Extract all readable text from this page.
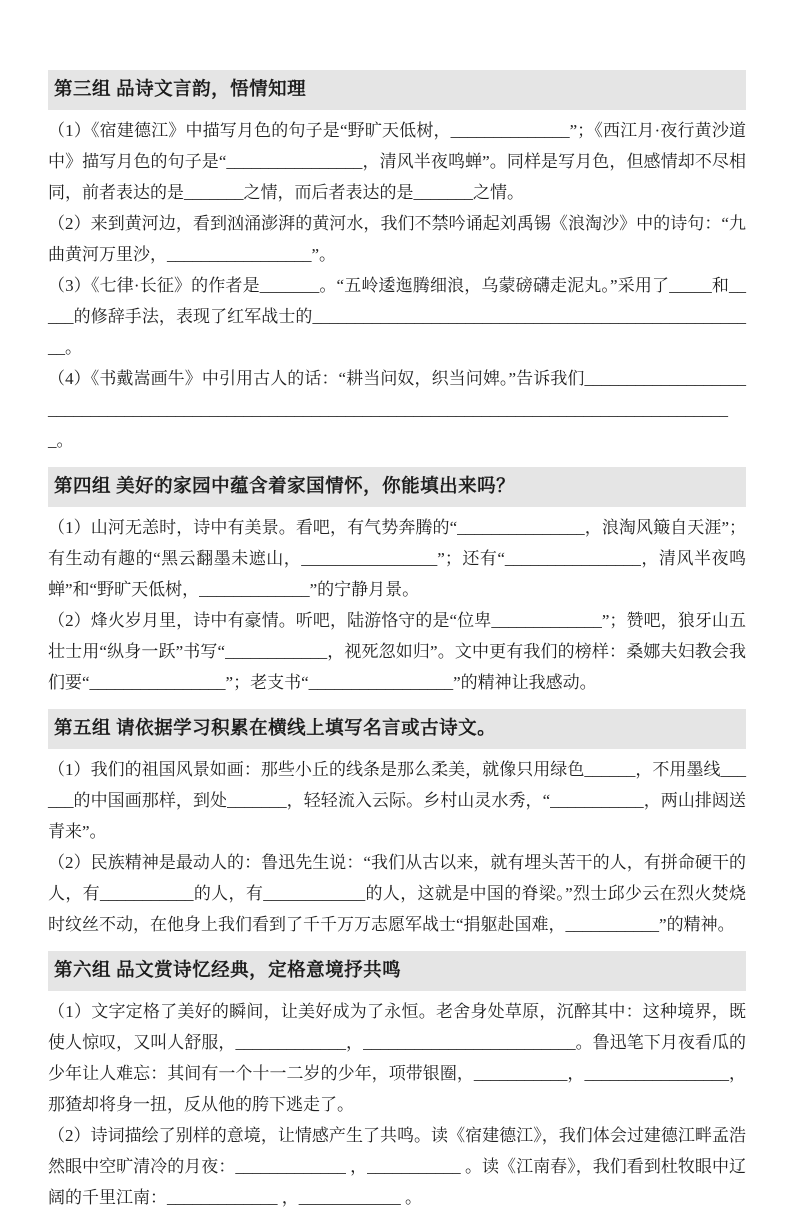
第三组 品诗文言韵，悟情知理

（1）《宿建德江》中描写月色的句子是“野旷天低树，______________”；《西江月·夜行黄沙道中》描写月色的句子是“________________，清风半夜鸣蝉”。同样是写月色，但感情却不尽相同，前者表达的是_______之情，而后者表达的是_______之情。

（2）来到黄河边，看到汹涌澎湃的黄河水，我们不禁吟诵起刘禹锡《浪淘沙》中的诗句：“九曲黄河万里沙，_________________”。

（3）《七律·长征》的作者是_______。“五岭逶迤腾细浪，乌蒙磅礴走泥丸。”采用了_____和_____的修辞手法，表现了红军战士的_____________________________________________________。

（4）《书戴嵩画牛》中引用古人的话：“耕当问奴，织当问婢。”告诉我们____________________________________________________________________________________________________。

第四组 美好的家园中蕴含着家国情怀，你能填出来吗？

（1）山河无恙时，诗中有美景。看吧，有气势奔腾的“_______________，浪淘风簸自天涯”；有生动有趣的“黑云翻墨未遮山，________________”；还有“________________，清风半夜鸣蝉”和“野旷天低树，_____________”的宁静月景。

（2）烽火岁月里，诗中有豪情。听吧，陆游恪守的是“位卑_____________”；赞吧，狼牙山五壮士用“纵身一跃”书写“____________，视死忽如归”。文中更有我们的榜样：桑娜夫妇教会我们要“________________”；老支书“_________________”的精神让我感动。

第五组 请依据学习积累在横线上填写名言或古诗文。

（1）我们的祖国风景如画：那些小丘的线条是那么柔美，就像只用绿色______，不用墨线______的中国画那样，到处_______，轻轻流入云际。乡村山灵水秀，“___________，两山排闼送青来”。

（2）民族精神是最动人的：鲁迅先生说：“我们从古以来，就有埋头苦干的人，有拼命硬干的人，有___________的人，有____________的人，这就是中国的脊梁。”烈士邱少云在烈火焚烧时纹丝不动，在他身上我们看到了千千万万志愿军战士“捐躯赴国难，___________”的精神。

第六组 品文赏诗忆经典，定格意境抒共鸣

（1）文字定格了美好的瞬间，让美好成为了永恒。老舍身处草原，沉醉其中：这种境界，既使人惊叹，又叫人舒服，_____________，_________________________。鲁迅笔下月夜看瓜的少年让人难忘：其间有一个十一二岁的少年，项带银圈，___________，_________________，那猹却将身一扭，反从他的胯下逃走了。

（2）诗词描绘了别样的意境，让情感产生了共鸣。读《宿建德江》，我们体会过建德江畔孟浩然眼中空旷清冷的月夜：_____________ ，___________ 。读《江南春》，我们看到杜牧眼中辽阔的千里江南：_____________ ，____________ 。
